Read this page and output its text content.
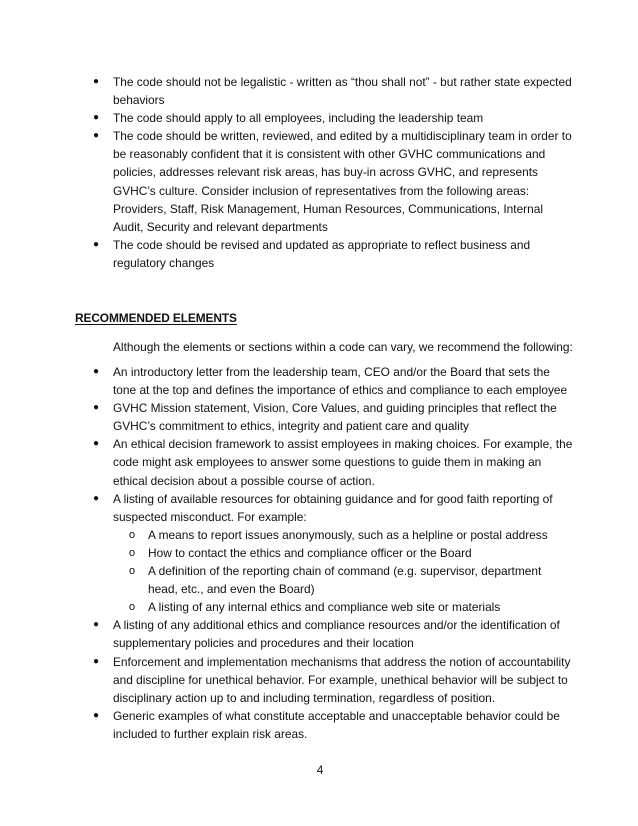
●	The code should not be legalistic - written as “thou shall not” - but rather state expected behaviors
●	The code should apply to all employees, including the leadership team
●	The code should be written, reviewed, and edited by a multidisciplinary team in order to be reasonably confident that it is consistent with other GVHC communications and policies, addresses relevant risk areas, has buy-in across GVHC, and represents GVHC’s culture. Consider inclusion of representatives from the following areas: Providers, Staff, Risk Management, Human Resources, Communications, Internal Audit, Security and relevant departments
●	The code should be revised and updated as appropriate to reflect business and regulatory changes
RECOMMENDED ELEMENTS
Although the elements or sections within a code can vary, we recommend the following:
●	An introductory letter from the leadership team, CEO and/or the Board that sets the tone at the top and defines the importance of ethics and compliance to each employee
●	GVHC Mission statement, Vision, Core Values, and guiding principles that reflect the GVHC’s commitment to ethics, integrity and patient care and quality
●	An ethical decision framework to assist employees in making choices. For example, the code might ask employees to answer some questions to guide them in making an ethical decision about a possible course of action.
●	A listing of available resources for obtaining guidance and for good faith reporting of suspected misconduct. For example:
o A means to report issues anonymously, such as a helpline or postal address
o How to contact the ethics and compliance officer or the Board
o A definition of the reporting chain of command (e.g. supervisor, department head, etc., and even the Board)
o A listing of any internal ethics and compliance web site or materials
●	A listing of any additional ethics and compliance resources and/or the identification of supplementary policies and procedures and their location
●	Enforcement and implementation mechanisms that address the notion of accountability and discipline for unethical behavior. For example, unethical behavior will be subject to disciplinary action up to and including termination, regardless of position.
●	Generic examples of what constitute acceptable and unacceptable behavior could be included to further explain risk areas.
4
